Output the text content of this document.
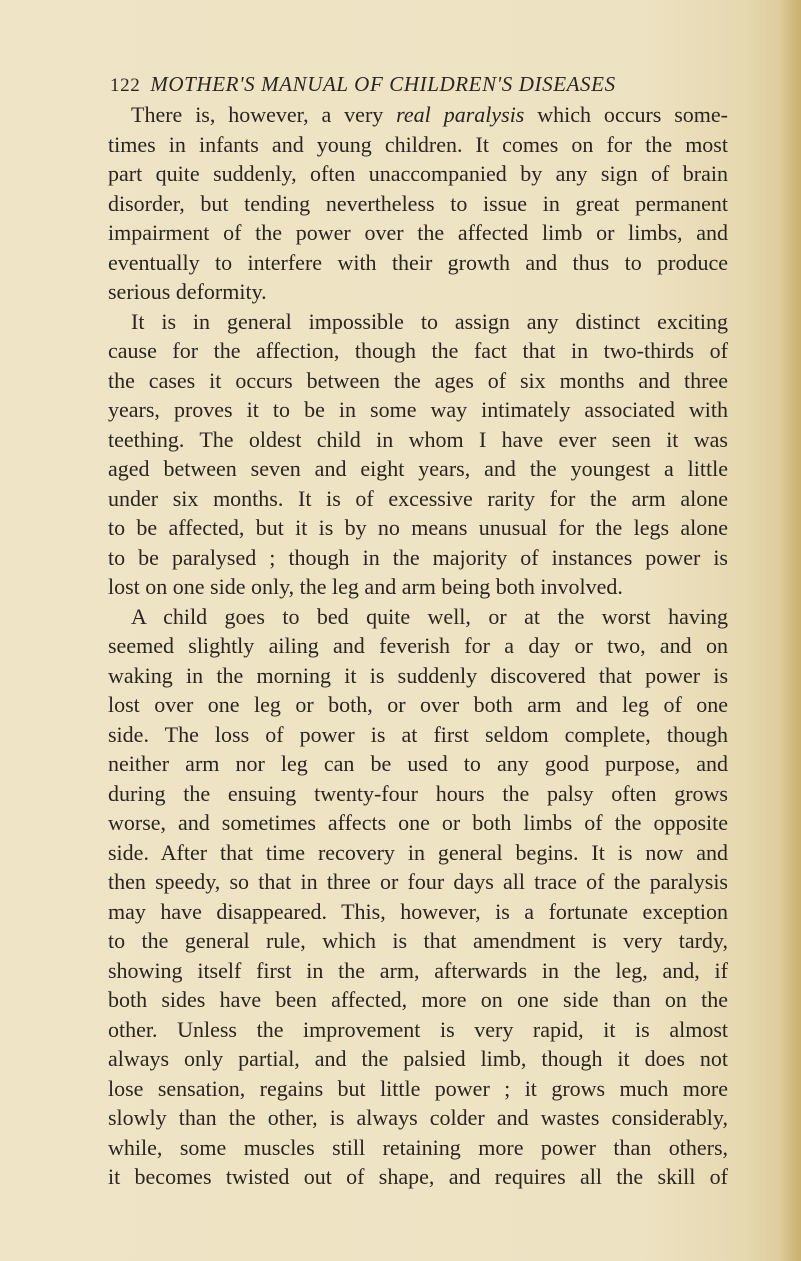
122 MOTHER'S MANUAL OF CHILDREN'S DISEASES
There is, however, a very real paralysis which occurs some-
times in infants and young children. It comes on for the most
part quite suddenly, often unaccompanied by any sign of brain
disorder, but tending nevertheless to issue in great permanent
impairment of the power over the affected limb or limbs, and
eventually to interfere with their growth and thus to produce
serious deformity.
It is in general impossible to assign any distinct exciting
cause for the affection, though the fact that in two-thirds of
the cases it occurs between the ages of six months and three
years, proves it to be in some way intimately associated with
teething. The oldest child in whom I have ever seen it was
aged between seven and eight years, and the youngest a little
under six months. It is of excessive rarity for the arm alone
to be affected, but it is by no means unusual for the legs alone
to be paralysed ; though in the majority of instances power is
lost on one side only, the leg and arm being both involved.
A child goes to bed quite well, or at the worst having
seemed slightly ailing and feverish for a day or two, and on
waking in the morning it is suddenly discovered that power is
lost over one leg or both, or over both arm and leg of one
side. The loss of power is at first seldom complete, though
neither arm nor leg can be used to any good purpose, and
during the ensuing twenty-four hours the palsy often grows
worse, and sometimes affects one or both limbs of the opposite
side. After that time recovery in general begins. It is now and
then speedy, so that in three or four days all trace of the paralysis
may have disappeared. This, however, is a fortunate exception
to the general rule, which is that amendment is very tardy,
showing itself first in the arm, afterwards in the leg, and, if
both sides have been affected, more on one side than on the
other. Unless the improvement is very rapid, it is almost
always only partial, and the palsied limb, though it does not
lose sensation, regains but little power ; it grows much more
slowly than the other, is always colder and wastes considerably,
while, some muscles still retaining more power than others,
it becomes twisted out of shape, and requires all the skill of
